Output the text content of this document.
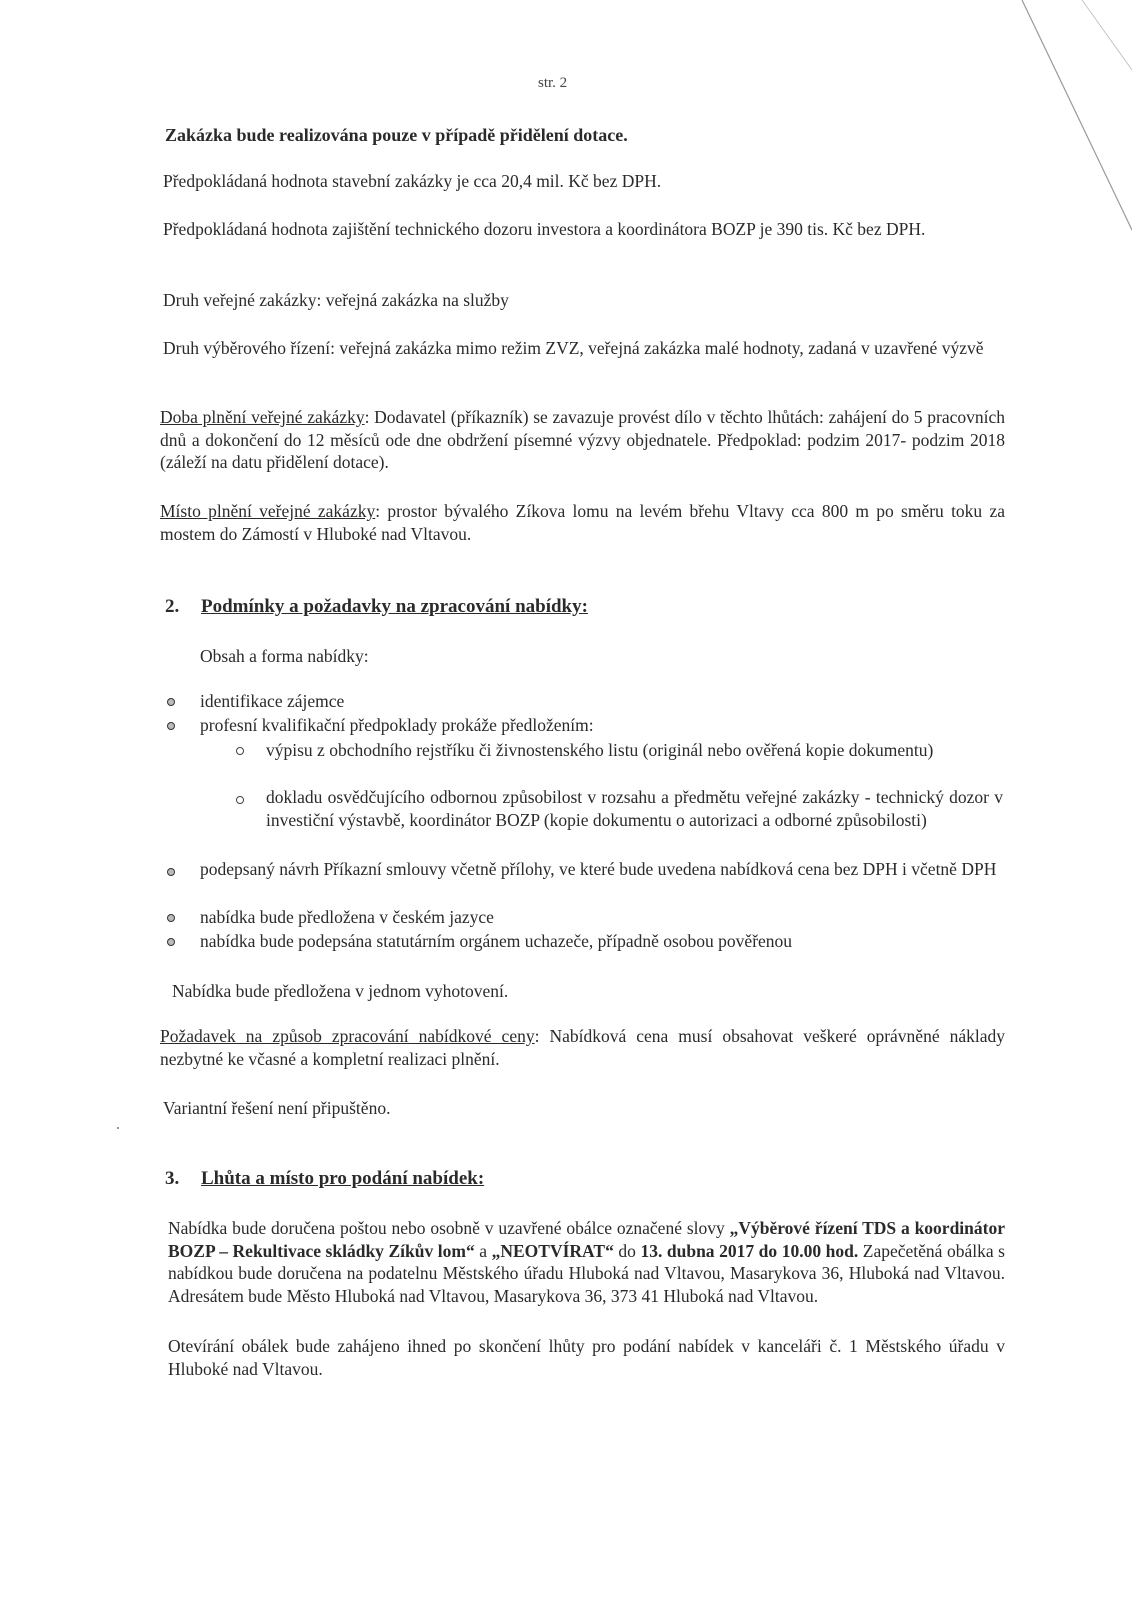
str. 2

Zakázka bude realizována pouze v případě přidělení dotace.

Předpokládaná hodnota stavební zakázky je cca 20,4 mil. Kč bez DPH.

Předpokládaná hodnota zajištění technického dozoru investora a koordinátora BOZP je 390 tis. Kč bez DPH.

Druh veřejné zakázky: veřejná zakázka na služby

Druh výběrového řízení: veřejná zakázka mimo režim ZVZ, veřejná zakázka malé hodnoty, zadaná v uzavřené výzvě

Doba plnění veřejné zakázky: Dodavatel (příkazník) se zavazuje provést dílo v těchto lhůtách: zahájení do 5 pracovních dnů a dokončení do 12 měsíců ode dne obdržení písemné výzvy objednatele. Předpoklad: podzim 2017- podzim 2018 (záleží na datu přidělení dotace).

Místo plnění veřejné zakázky: prostor bývalého Zíkova lomu na levém břehu Vltavy cca 800 m po směru toku za mostem do Zámostí v Hluboké nad Vltavou.

2. Podmínky a požadavky na zpracování nabídky:

Obsah a forma nabídky:

identifikace zájemce

profesní kvalifikační předpoklady prokáže předložením:

výpisu z obchodního rejstříku či živnostenského listu (originál nebo ověřená kopie dokumentu)

dokladu osvědčujícího odbornou způsobilost v rozsahu a předmětu veřejné zakázky - technický dozor v investiční výstavbě, koordinátor BOZP (kopie dokumentu o autorizaci a odborné způsobilosti)

podepsaný návrh Příkazní smlouvy včetně přílohy, ve které bude uvedena nabídková cena bez DPH i včetně DPH

nabídka bude předložena v českém jazyce

nabídka bude podepsána statutárním orgánem uchazeče, případně osobou pověřenou

Nabídka bude předložena v jednom vyhotovení.

Požadavek na způsob zpracování nabídkové ceny: Nabídková cena musí obsahovat veškeré oprávněné náklady nezbytné ke včasné a kompletní realizaci plnění.

Variantní řešení není připuštěno.

3. Lhůta a místo pro podání nabídek:

Nabídka bude doručena poštou nebo osobně v uzavřené obálce označené slovy „Výběrové řízení TDS a koordinátor BOZP – Rekultivace skládky Zíkův lom“ a „NEOTVÍRAT“ do 13. dubna 2017 do 10.00 hod. Zapečetěná obálka s nabídkou bude doručena na podatelnu Městského úřadu Hluboká nad Vltavou, Masarykova 36, Hluboká nad Vltavou. Adresátem bude Město Hluboká nad Vltavou, Masarykova 36, 373 41 Hluboká nad Vltavou.

Otevírání obálek bude zahájeno ihned po skončení lhůty pro podání nabídek v kanceláři č. 1 Městského úřadu v Hluboké nad Vltavou.
